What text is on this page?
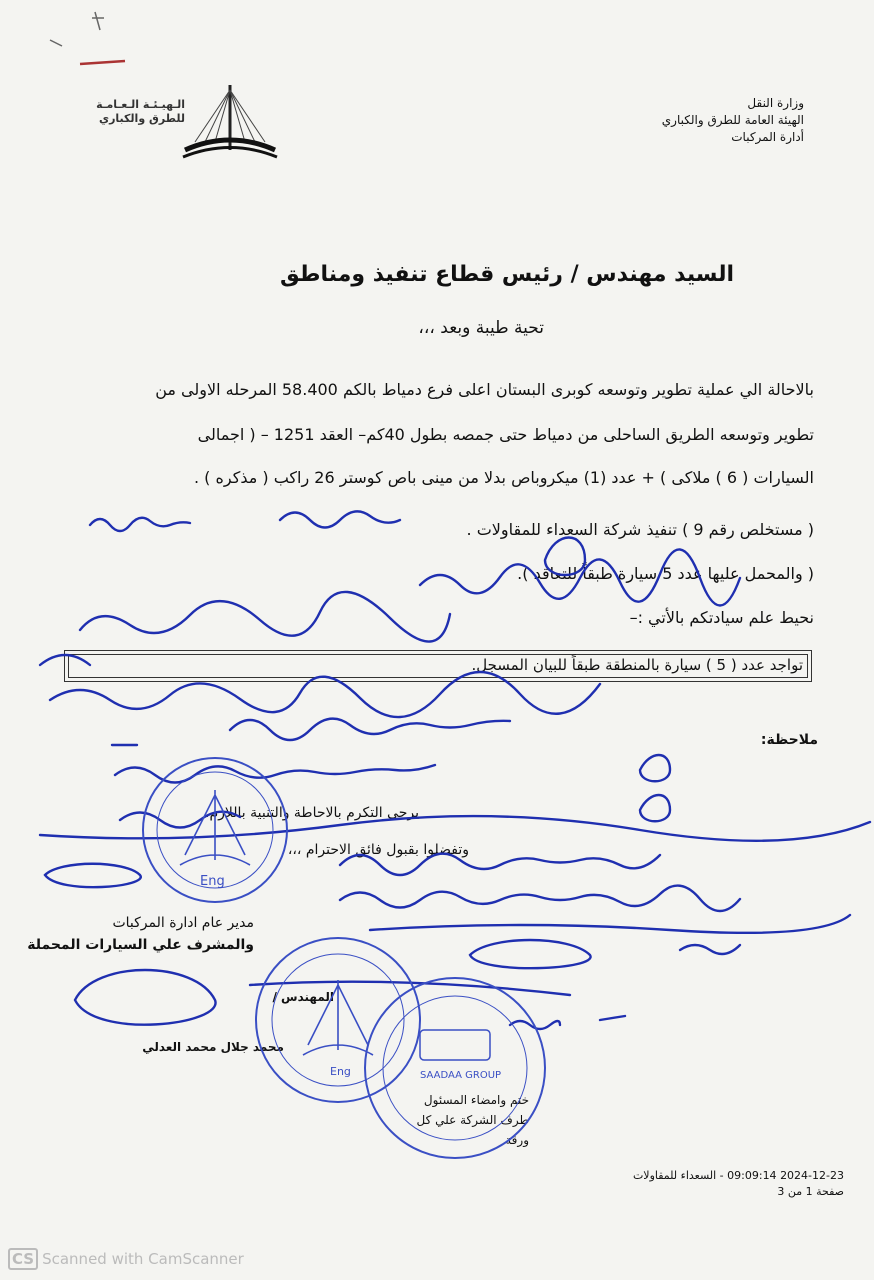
وزارة النقل
الهيئة العامة للطرق والكباري
أدارة المركبات
الـهيـئـة الـعـامـة
للطرق والكباري
السيد مهندس / رئيس قطاع تنفيذ ومناطق
تحية طيبة وبعد ،،،
بالاحالة الي عملية تطوير وتوسعه كوبرى البستان اعلى فرع دمياط بالكم 58.400 المرحله الاولى من
تطوير وتوسعه الطريق الساحلى من دمياط حتى جمصه بطول 40كم– العقد 1251 – ( اجمالى
السيارات ( 6 ) ملاكى ) + عدد (1) ميكروباص بدلا من مينى باص كوستر 26 راكب ( مذكره ) .
( مستخلص رقم 9 ) تنفيذ شركة السعداء للمقاولات .
( والمحمل عليها عدد 5 سيارة طبقاً للتعاقد ).
نحيط علم سيادتكم بالأتي :–
تواجد عدد ( 5 ) سيارة بالمنطقة طبقاً للبيان المسجل.
ملاحظة:
يرجي التكرم بالاحاطة والتنبية باللازم.
وتفضلوا بقبول فائق الاحترام ،،،
مدير عام ادارة المركبات
والمشرف علي السيارات المحملة
المهندس /
محمد جلال محمد العدلي
ختم وامضاء المسئول
طرف الشركة علي كل
ورقة
2024-12-23 09:09:14 - السعداء للمقاولات
صفحة 1 من 3
CS Scanned with CamScanner
Eng
Eng	SAADAA GROUP
